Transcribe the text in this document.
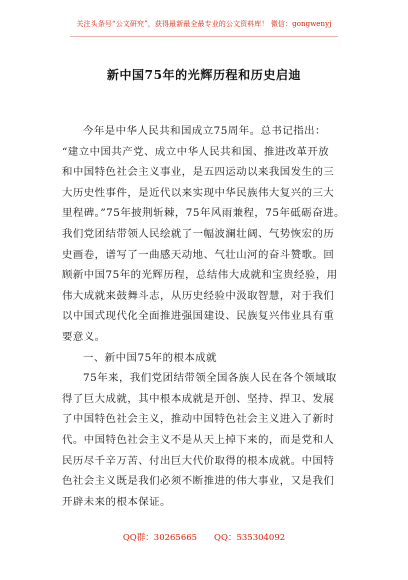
关注头条号“公文研究”，获得最新最全最专业的公文资料库！ 微信：gongwenyj
新中国75年的光辉历程和历史启迪
今年是中华人民共和国成立75周年。总书记指出：
“建立中国共产党、成立中华人民共和国、推进改革开放
和中国特色社会主义事业，是五四运动以来我国发生的三
大历史性事件，是近代以来实现中华民族伟大复兴的三大
里程碑。”75年披荆斩棘，75年风雨兼程，75年砥砺奋进。
我们党团结带领人民绘就了一幅波澜壮阔、气势恢宏的历
史画卷，谱写了一曲感天动地、气壮山河的奋斗赞歌。回
顾新中国75年的光辉历程，总结伟大成就和宝贵经验，用
伟大成就来鼓舞斗志，从历史经验中汲取智慧，对于我们
以中国式现代化全面推进强国建设、民族复兴伟业具有重
要意义。
一、新中国75年的根本成就
75年来，我们党团结带领全国各族人民在各个领域取
得了巨大成就，其中根本成就是开创、坚持、捍卫、发展
了中国特色社会主义，推动中国特色社会主义进入了新时
代。中国特色社会主义不是从天上掉下来的，而是党和人
民历尽千辛万苦、付出巨大代价取得的根本成就。中国特
色社会主义既是我们必须不断推进的伟大事业，又是我们
开辟未来的根本保证。
QQ群：30265665　　QQ：535304092
